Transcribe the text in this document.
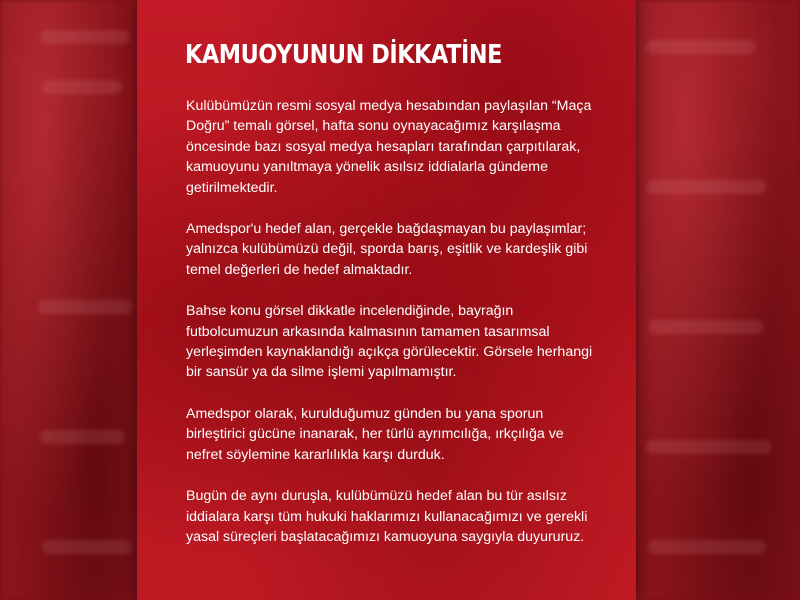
KAMUOYUNUN DİKKATİNE

Kulübümüzün resmi sosyal medya hesabından paylaşılan “Maça Doğru” temalı görsel, hafta sonu oynayacağımız karşılaşma öncesinde bazı sosyal medya hesapları tarafından çarpıtılarak, kamuoyunu yanıltmaya yönelik asılsız iddialarla gündeme getirilmektedir.

Amedspor'u hedef alan, gerçekle bağdaşmayan bu paylaşımlar; yalnızca kulübümüzü değil, sporda barış, eşitlik ve kardeşlik gibi temel değerleri de hedef almaktadır.

Bahse konu görsel dikkatle incelendiğinde, bayrağın futbolcumuzun arkasında kalmasının tamamen tasarımsal yerleşimden kaynaklandığı açıkça görülecektir. Görsele herhangi bir sansür ya da silme işlemi yapılmamıştır.

Amedspor olarak, kurulduğumuz günden bu yana sporun birleştirici gücüne inanarak, her türlü ayrımcılığa, ırkçılığa ve nefret söylemine kararlılıkla karşı durduk.

Bugün de aynı duruşla, kulübümüzü hedef alan bu tür asılsız iddialara karşı tüm hukuki haklarımızı kullanacağımızı ve gerekli yasal süreçleri başlatacağımızı kamuoyuna saygıyla duyururuz.
